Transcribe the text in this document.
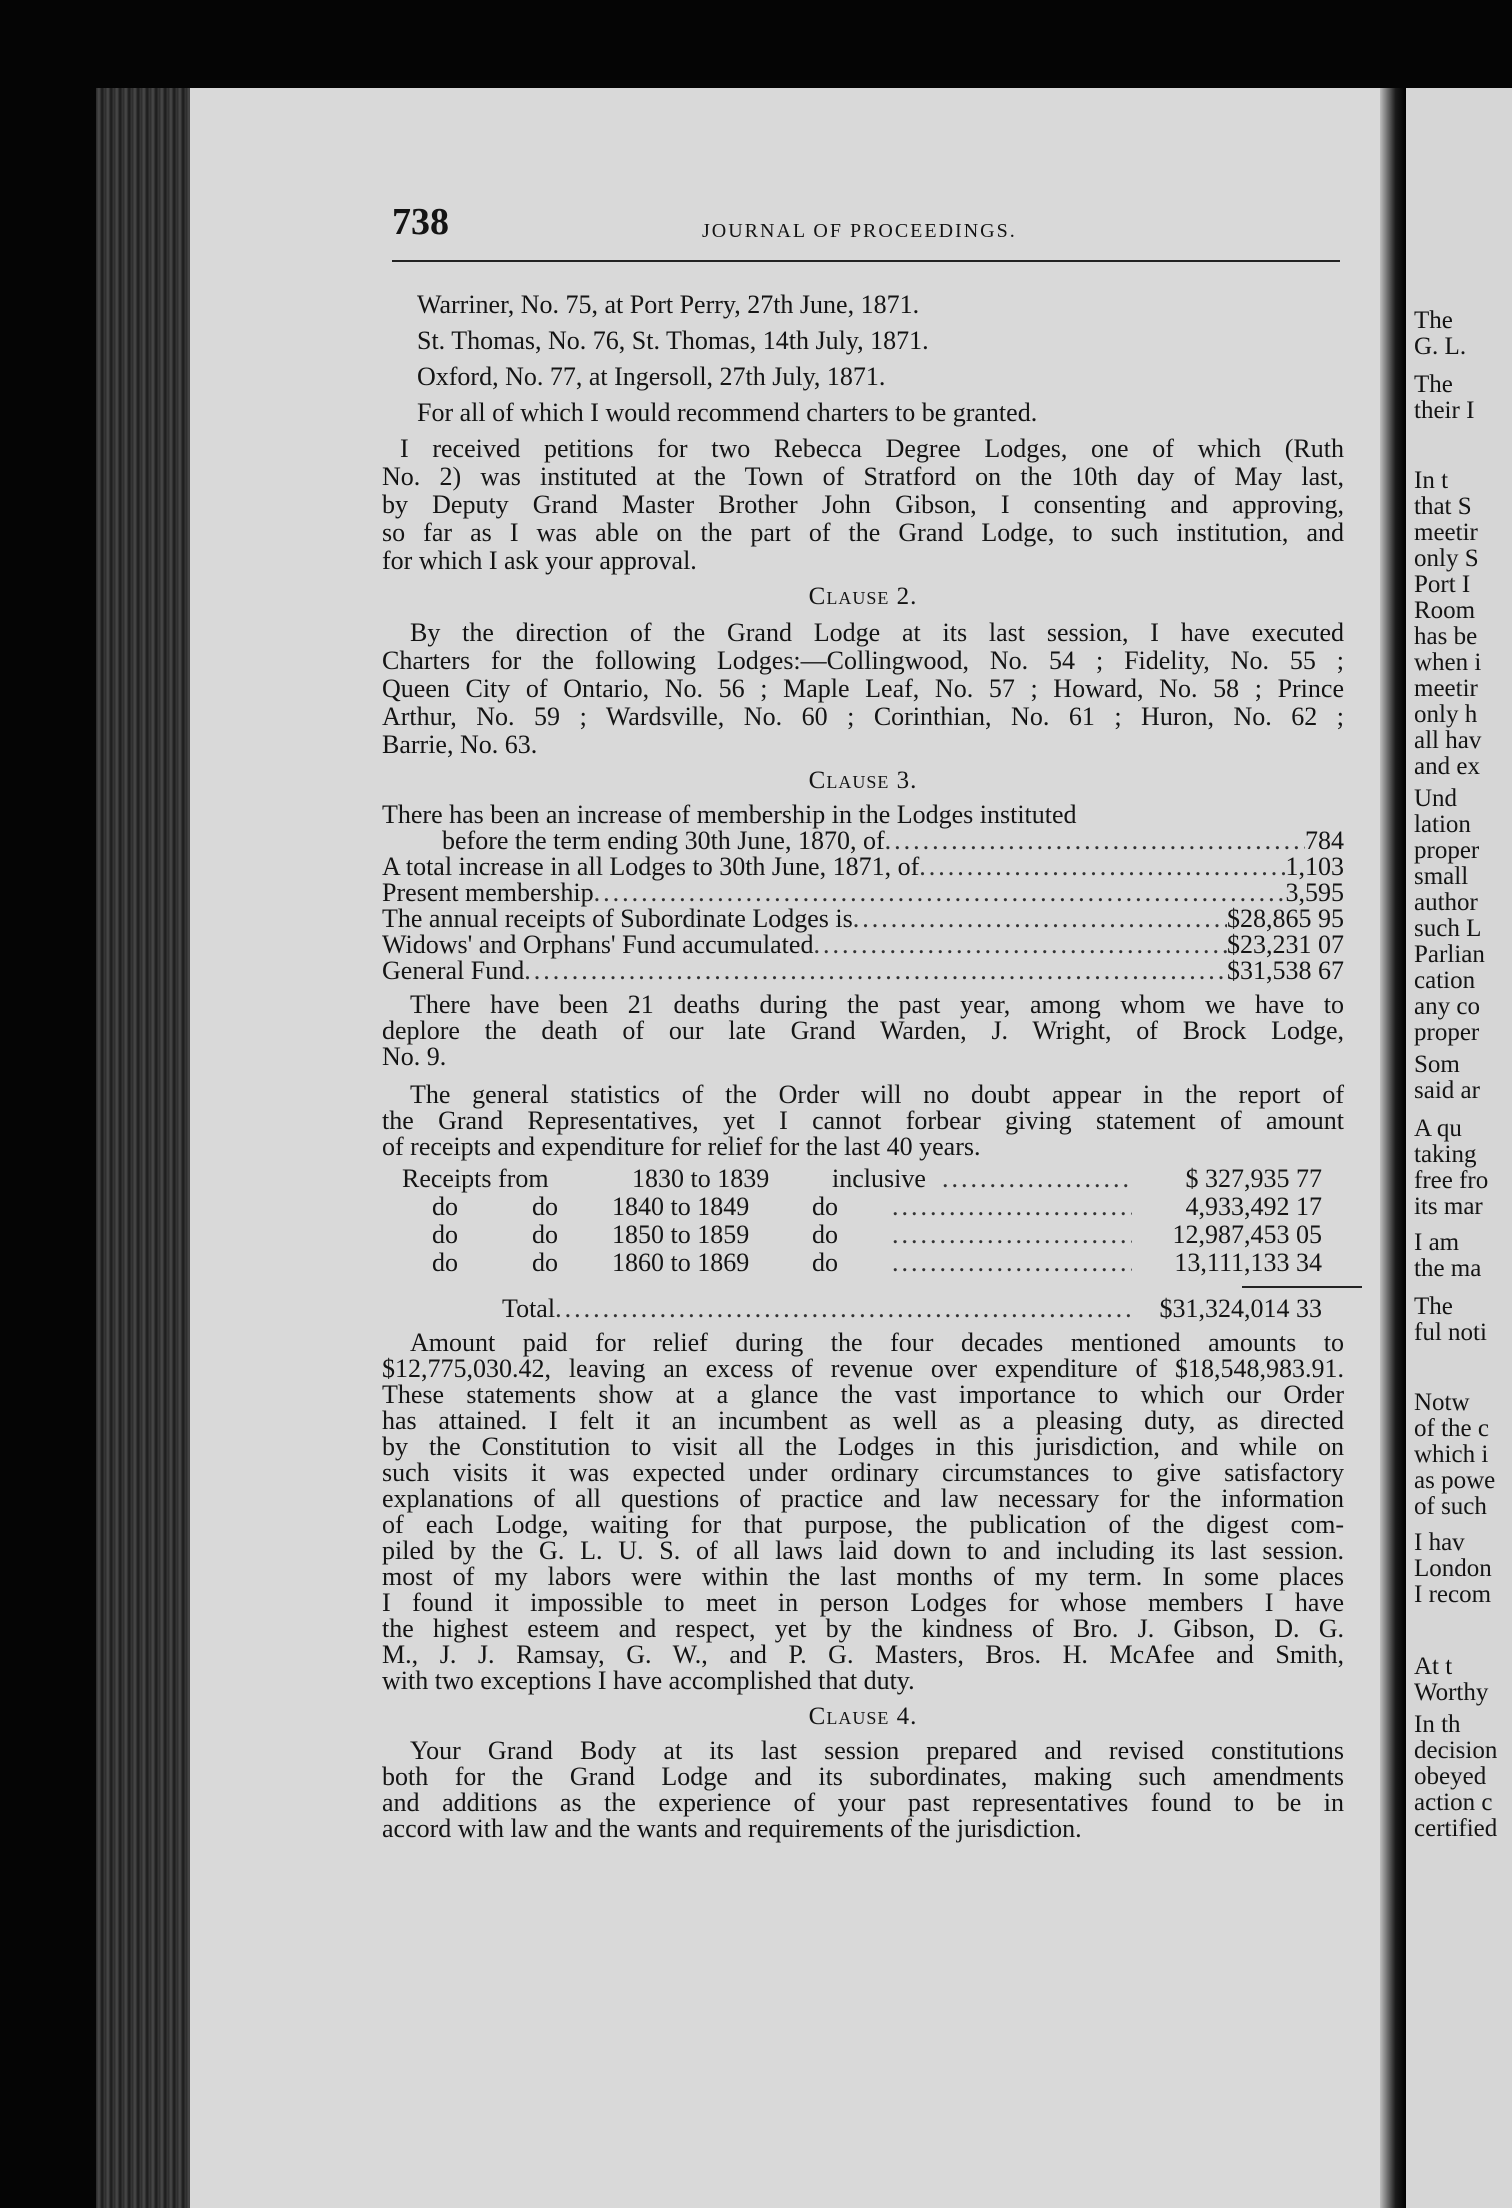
738	JOURNAL OF PROCEEDINGS.
Warriner, No. 75, at Port Perry, 27th June, 1871.
St. Thomas, No. 76, St. Thomas, 14th July, 1871.
Oxford, No. 77, at Ingersoll, 27th July, 1871.
For all of which I would recommend charters to be granted.
I received petitions for two Rebecca Degree Lodges, one of which (Ruth
No. 2) was instituted at the Town of Stratford on the 10th day of May last,
by Deputy Grand Master Brother John Gibson, I consenting and approving,
so far as I was able on the part of the Grand Lodge, to such institution, and
for which I ask your approval.
Clause 2.
By the direction of the Grand Lodge at its last session, I have executed
Charters for the following Lodges:—Collingwood, No. 54 ; Fidelity, No. 55 ;
Queen City of Ontario, No. 56 ; Maple Leaf, No. 57 ; Howard, No. 58 ; Prince
Arthur, No. 59 ; Wardsville, No. 60 ; Corinthian, No. 61 ; Huron, No. 62 ;
Barrie, No. 63.
Clause 3.
There has been an increase of membership in the Lodges instituted
before the term ending 30th June, 1870, of .....	784
A total increase in all Lodges to 30th June, 1871, of .....	1,103
Present membership .....	3,595
The annual receipts of Subordinate Lodges is .....	$28,865 95
Widows' and Orphans' Fund accumulated .....	$23,231 07
General Fund .....	$31,538 67
There have been 21 deaths during the past year, among whom we have to
deplore the death of our late Grand Warden, J. Wright, of Brock Lodge,
No. 9.
The general statistics of the Order will no doubt appear in the report of
the Grand Representatives, yet I cannot forbear giving statement of amount
of receipts and expenditure for relief for the last 40 years.
Receipts from	1830 to 1839	inclusive .....	$ 327,935 77
do	do	1840 to 1849	do .....	4,933,492 17
do	do	1850 to 1859	do .....	12,987,453 05
do	do	1860 to 1869	do .....	13,111,133 34
Total .....	$31,324,014 33
Amount paid for relief during the four decades mentioned amounts to
$12,775,030.42, leaving an excess of revenue over expenditure of $18,548,983.91.
These statements show at a glance the vast importance to which our Order
has attained. I felt it an incumbent as well as a pleasing duty, as directed
by the Constitution to visit all the Lodges in this jurisdiction, and while on
such visits it was expected under ordinary circumstances to give satisfactory
explanations of all questions of practice and law necessary for the information
of each Lodge, waiting for that purpose, the publication of the digest com-
piled by the G. L. U. S. of all laws laid down to and including its last session.
most of my labors were within the last months of my term. In some places
I found it impossible to meet in person Lodges for whose members I have
the highest esteem and respect, yet by the kindness of Bro. J. Gibson, D. G.
M., J. J. Ramsay, G. W., and P. G. Masters, Bros. H. McAfee and Smith,
with two exceptions I have accomplished that duty.
Clause 4.
Your Grand Body at its last session prepared and revised constitutions
both for the Grand Lodge and its subordinates, making such amendments
and additions as the experience of your past representatives found to be in
accord with law and the wants and requirements of the jurisdiction.
The
G. L.
The
their I
In t
that S
meetir
only S
Port I
Room
has be
when i
meetir
only h
all hav
and ex
Und
lation
proper
small
author
such L
Parlian
cation
any co
proper
Som
said ar
A qu
taking
free fro
its mar
I am
the ma
The
ful noti
Notw
of the c
which i
as powe
of such
I hav
London
I recom
At t
Worthy
In th
decision
obeyed
action c
certified
